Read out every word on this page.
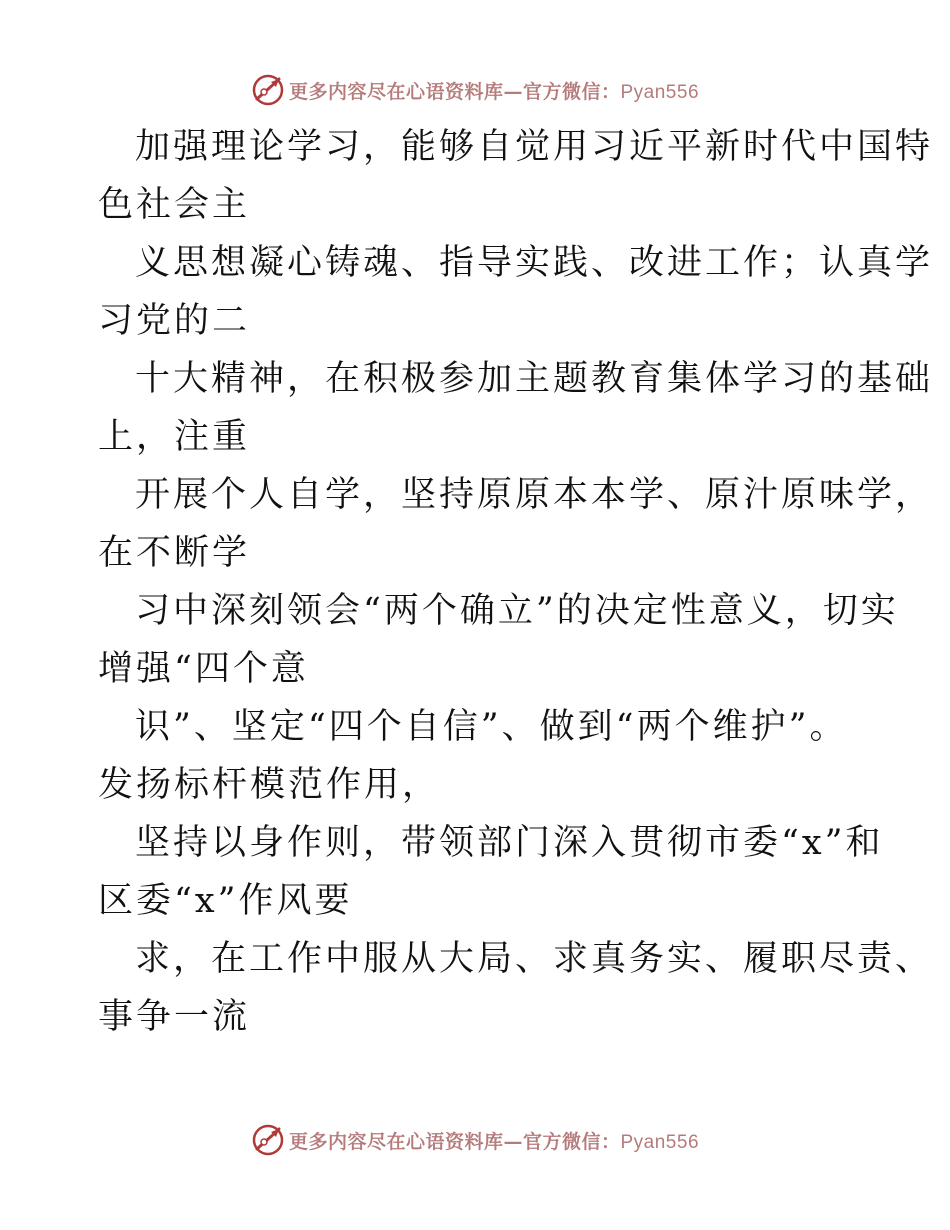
更多内容尽在心语资料库—官方微信：Pyan556
加强理论学习，能够自觉用习近平新时代中国特
色社会主
义思想凝心铸魂、指导实践、改进工作；认真学
习党的二
十大精神，在积极参加主题教育集体学习的基础
上，注重
开展个人自学，坚持原原本本学、原汁原味学，
在不断学
习中深刻领会“两个确立”的决定性意义，切实
增强“四个意
识”、坚定“四个自信”、做到“两个维护”。
发扬标杆模范作用，
坚持以身作则，带领部门深入贯彻市委“x”和
区委“x”作风要
求，在工作中服从大局、求真务实、履职尽责、
事争一流
更多内容尽在心语资料库—官方微信：Pyan556
